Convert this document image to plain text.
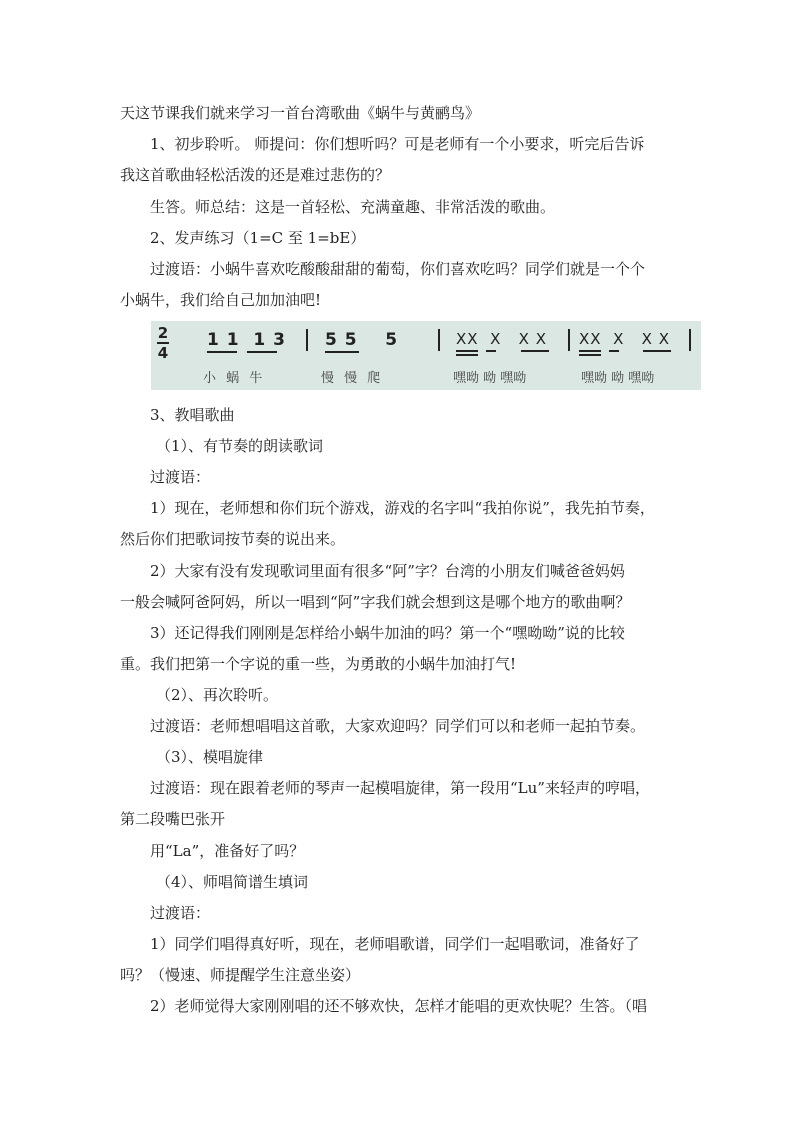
天这节课我们就来学习一首台湾歌曲《蜗牛与黄鹂鸟》
1、初步聆听。 师提问：你们想听吗？可是老师有一个小要求，听完后告诉
我这首歌曲轻松活泼的还是难过悲伤的？
生答。师总结：这是一首轻松、充满童趣、非常活泼的歌曲。
2、发声练习（1=C 至 1=bE）
过渡语：小蜗牛喜欢吃酸酸甜甜的葡萄，你们喜欢吃吗？同学们就是一个个
小蜗牛，我们给自己加加油吧!
2
4
1 1  1 3 5 5    5	XX  X   X X XX  X   X X
小 蜗 牛	慢 慢 爬	嘿呦 呦 嘿呦	嘿呦 呦 嘿呦
3、教唱歌曲
（1）、有节奏的朗读歌词
过渡语：
1）现在，老师想和你们玩个游戏，游戏的名字叫“我拍你说”，我先拍节奏，
然后你们把歌词按节奏的说出来。
2）大家有没有发现歌词里面有很多“阿”字？台湾的小朋友们喊爸爸妈妈
一般会喊阿爸阿妈，所以一唱到“阿”字我们就会想到这是哪个地方的歌曲啊？
3）还记得我们刚刚是怎样给小蜗牛加油的吗？第一个“嘿呦呦”说的比较
重。我们把第一个字说的重一些，为勇敢的小蜗牛加油打气!
（2）、再次聆听。
过渡语：老师想唱唱这首歌，大家欢迎吗？同学们可以和老师一起拍节奏。
（3）、模唱旋律
过渡语：现在跟着老师的琴声一起模唱旋律，第一段用“Lu”来轻声的哼唱，
第二段嘴巴张开
用“La”，准备好了吗？
（4）、师唱简谱生填词
过渡语：
1）同学们唱得真好听，现在，老师唱歌谱，同学们一起唱歌词，准备好了
吗？（慢速、师提醒学生注意坐姿）
2）老师觉得大家刚刚唱的还不够欢快，怎样才能唱的更欢快呢？生答。（唱
